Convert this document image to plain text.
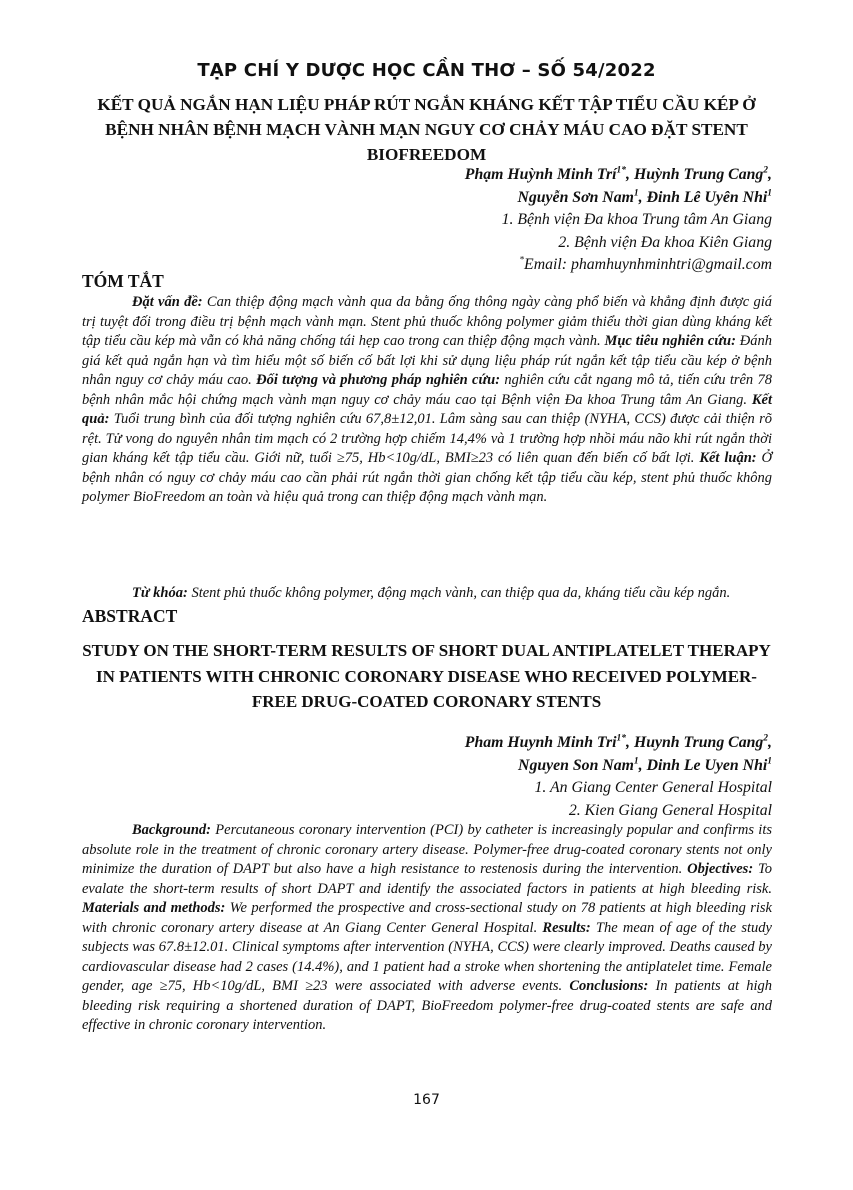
TẠP CHÍ Y DƯỢC HỌC CẦN THƠ – SỐ 54/2022
KẾT QUẢ NGẮN HẠN LIỆU PHÁP RÚT NGẮN KHÁNG KẾT TẬP TIỂU CẦU KÉP Ở BỆNH NHÂN BỆNH MẠCH VÀNH MẠN NGUY CƠ CHẢY MÁU CAO ĐẶT STENT BIOFREEDOM
Phạm Huỳnh Minh Trí$^{1*}$, Huỳnh Trung Cang$^2$,
Nguyễn Sơn Nam$^1$, Đinh Lê Uyên Nhi$^1$
1. Bệnh viện Đa khoa Trung tâm An Giang
2. Bệnh viện Đa khoa Kiên Giang
*Email: phamhuynhminhtri@gmail.com
TÓM TẮT
Đặt vấn đề: Can thiệp động mạch vành qua da bằng ống thông ngày càng phổ biến và khẳng định được giá trị tuyệt đối trong điều trị bệnh mạch vành mạn. Stent phủ thuốc không polymer giảm thiểu thời gian dùng kháng kết tập tiểu cầu kép mà vẫn có khả năng chống tái hẹp cao trong can thiệp động mạch vành. Mục tiêu nghiên cứu: Đánh giá kết quả ngắn hạn và tìm hiểu một số biến cố bất lợi khi sử dụng liệu pháp rút ngắn kết tập tiểu cầu kép ở bệnh nhân nguy cơ chảy máu cao. Đối tượng và phương pháp nghiên cứu: nghiên cứu cắt ngang mô tả, tiến cứu trên 78 bệnh nhân mắc hội chứng mạch vành mạn nguy cơ chảy máu cao tại Bệnh viện Đa khoa Trung tâm An Giang. Kết quả: Tuổi trung bình của đối tượng nghiên cứu 67,8±12,01. Lâm sàng sau can thiệp (NYHA, CCS) được cải thiện rõ rệt. Tử vong do nguyên nhân tim mạch có 2 trường hợp chiếm 14,4% và 1 trường hợp nhồi máu não khi rút ngắn thời gian kháng kết tập tiểu cầu. Giới nữ, tuổi ≥75, Hb<10g/dL, BMI≥23 có liên quan đến biến cố bất lợi. Kết luận: Ở bệnh nhân có nguy cơ chảy máu cao cần phải rút ngắn thời gian chống kết tập tiểu cầu kép, stent phủ thuốc không polymer BioFreedom an toàn và hiệu quả trong can thiệp động mạch vành mạn.
Từ khóa: Stent phủ thuốc không polymer, động mạch vành, can thiệp qua da, kháng tiểu cầu kép ngắn.
ABSTRACT
STUDY ON THE SHORT-TERM RESULTS OF SHORT DUAL ANTIPLATELET THERAPY IN PATIENTS WITH CHRONIC CORONARY DISEASE WHO RECEIVED POLYMER-FREE DRUG-COATED CORONARY STENTS
Pham Huynh Minh Tri$^{1*}$, Huynh Trung Cang$^2$,
Nguyen Son Nam$^1$, Dinh Le Uyen Nhi$^1$
1. An Giang Center General Hospital
2. Kien Giang General Hospital
Background: Percutaneous coronary intervention (PCI) by catheter is increasingly popular and confirms its absolute role in the treatment of chronic coronary artery disease. Polymer-free drug-coated coronary stents not only minimize the duration of DAPT but also have a high resistance to restenosis during the intervention. Objectives: To evalate the short-term results of short DAPT and identify the associated factors in patients at high bleeding risk. Materials and methods: We performed the prospective and cross-sectional study on 78 patients at high bleeding risk with chronic coronary artery disease at An Giang Center General Hospital. Results: The mean of age of the study subjects was 67.8±12.01. Clinical symptoms after intervention (NYHA, CCS) were clearly improved. Deaths caused by cardiovascular disease had 2 cases (14.4%), and 1 patient had a stroke when shortening the antiplatelet time. Female gender, age ≥75, Hb<10g/dL, BMI ≥23 were associated with adverse events. Conclusions: In patients at high bleeding risk requiring a shortened duration of DAPT, BioFreedom polymer-free drug-coated stents are safe and effective in chronic coronary intervention.
167
